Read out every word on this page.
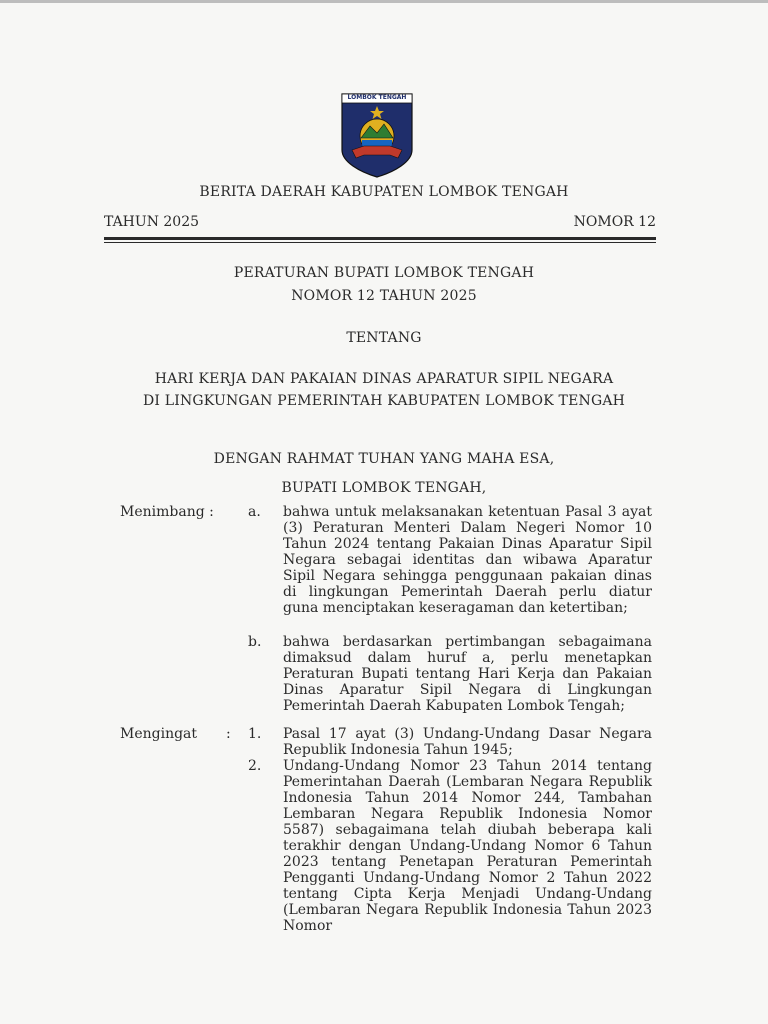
LOMBOK TENGAH
BERITA DAERAH KABUPATEN LOMBOK TENGAH
TAHUN 2025	NOMOR 12
PERATURAN BUPATI LOMBOK TENGAH
NOMOR 12 TAHUN 2025
TENTANG
HARI KERJA DAN PAKAIAN DINAS APARATUR SIPIL NEGARA
DI LINGKUNGAN PEMERINTAH KABUPATEN LOMBOK TENGAH
DENGAN RAHMAT TUHAN YANG MAHA ESA,
BUPATI LOMBOK TENGAH,
Menimbang : a. bahwa untuk melaksanakan ketentuan Pasal 3 ayat (3) Peraturan Menteri Dalam Negeri Nomor 10 Tahun 2024 tentang Pakaian Dinas Aparatur Sipil Negara sebagai identitas dan wibawa Aparatur Sipil Negara sehingga penggunaan pakaian dinas di lingkungan Pemerintah Daerah perlu diatur guna menciptakan keseragaman dan ketertiban;
b. bahwa berdasarkan pertimbangan sebagaimana dimaksud dalam huruf a, perlu menetapkan Peraturan Bupati tentang Hari Kerja dan Pakaian Dinas Aparatur Sipil Negara di Lingkungan Pemerintah Daerah Kabupaten Lombok Tengah;
Mengingat : 1. Pasal 17 ayat (3) Undang-Undang Dasar Negara Republik Indonesia Tahun 1945;
2. Undang-Undang Nomor 23 Tahun 2014 tentang Pemerintahan Daerah (Lembaran Negara Republik Indonesia Tahun 2014 Nomor 244, Tambahan Lembaran Negara Republik Indonesia Nomor 5587) sebagaimana telah diubah beberapa kali terakhir dengan Undang-Undang Nomor 6 Tahun 2023 tentang Penetapan Peraturan Pemerintah Pengganti Undang-Undang Nomor 2 Tahun 2022 tentang Cipta Kerja Menjadi Undang-Undang (Lembaran Negara Republik Indonesia Tahun 2023 Nomor
